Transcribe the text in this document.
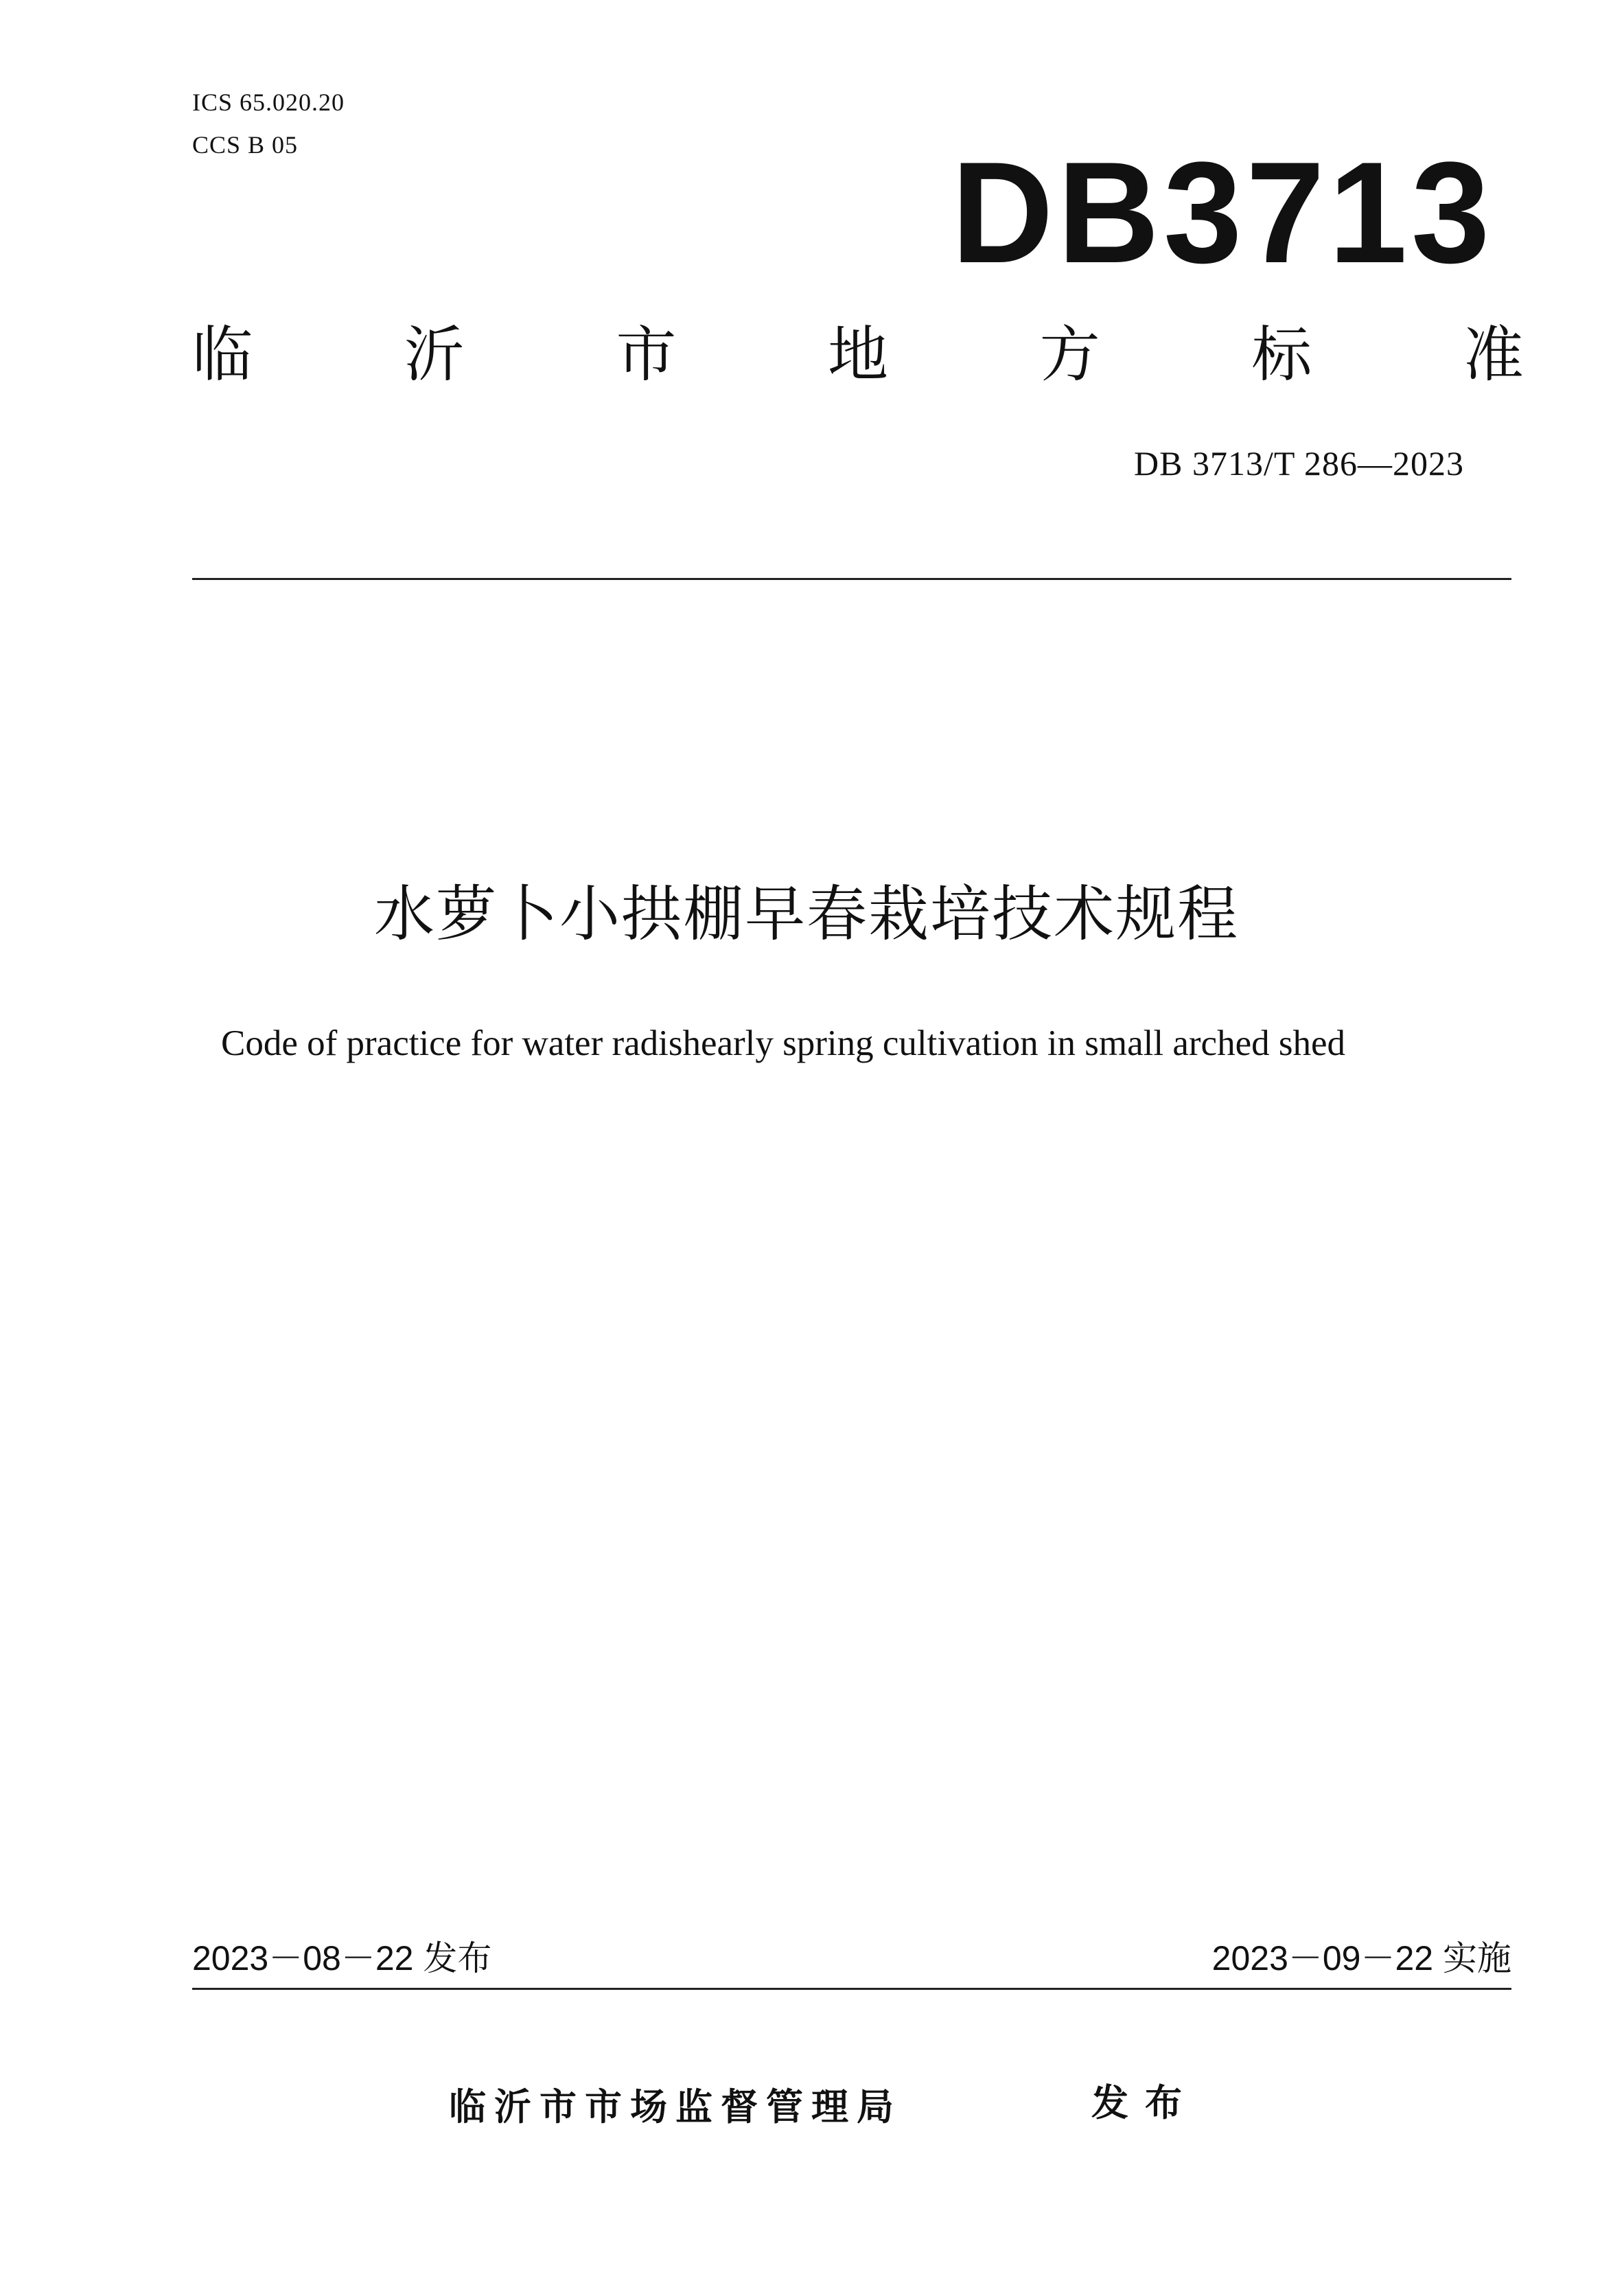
ICS 65.020.20
CCS B 05	DB3713
临	沂	市	地	方	标	准
DB 3713/T 286—2023
水萝卜小拱棚早春栽培技术规程
Code of practice for water radishearly spring cultivation in small arched shed
2023－08－22 发布	2023－09－22 实施
临沂市市场监督管理局	发布
